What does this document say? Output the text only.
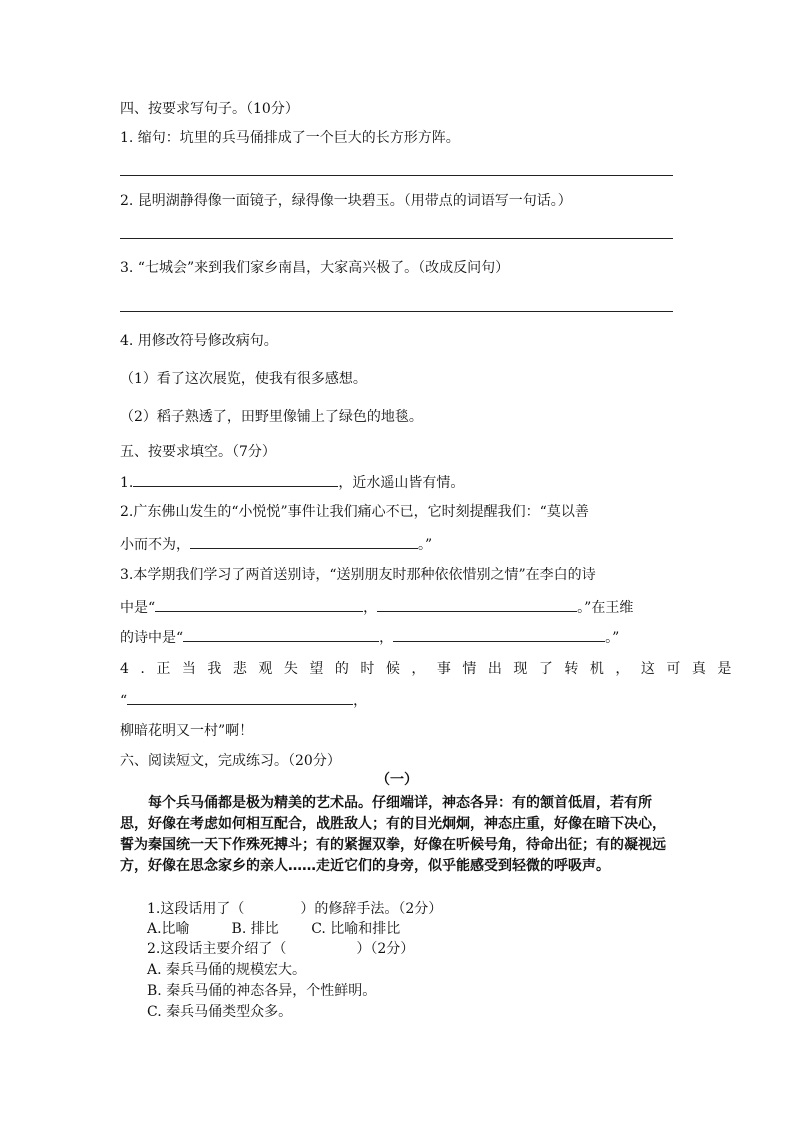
四、按要求写句子。（10分）
1. 缩句：坑里的兵马俑排成了一个巨大的长方形方阵。
2. 昆明湖静得像一面镜子，绿得像一块碧玉。（用带点的词语写一句话。）
3. “七城会”来到我们家乡南昌，大家高兴极了。（改成反问句）
4. 用修改符号修改病句。
（1）看了这次展览，使我有很多感想。
（2）稻子熟透了，田野里像铺上了绿色的地毯。
五、按要求填空。（7分）
1.	，近水遥山皆有情。
2.广东佛山发生的“小悦悦”事件让我们痛心不已，它时刻提醒我们：“莫以善
小而不为，	。”
3.本学期我们学习了两首送别诗，“送别朋友时那种依依惜别之情”在李白的诗
中是“	，	。”在王维
的诗中是“	，	。”
4.正当我悲观失望的时候，事情出现了转机，这可真是
“	，
柳暗花明又一村”啊！
六、阅读短文，完成练习。（20分）
（一）
每个兵马俑都是极为精美的艺术品。仔细端详，神态各异：有的颔首低眉，若有所思，好像在考虑如何相互配合，战胜敌人；有的目光炯炯，神态庄重，好像在暗下决心，誓为秦国统一天下作殊死搏斗；有的紧握双拳，好像在听候号角，待命出征；有的凝视远方，好像在思念家乡的亲人……走近它们的身旁，似乎能感受到轻微的呼吸声。
1.这段话用了（　　　　）的修辞手法。（2分）
A.比喻　　　B. 排比　　 C. 比喻和排比
2.这段话主要介绍了（　　　　　）（2分）
A. 秦兵马俑的规模宏大。
B. 秦兵马俑的神态各异，个性鲜明。
C. 秦兵马俑类型众多。
